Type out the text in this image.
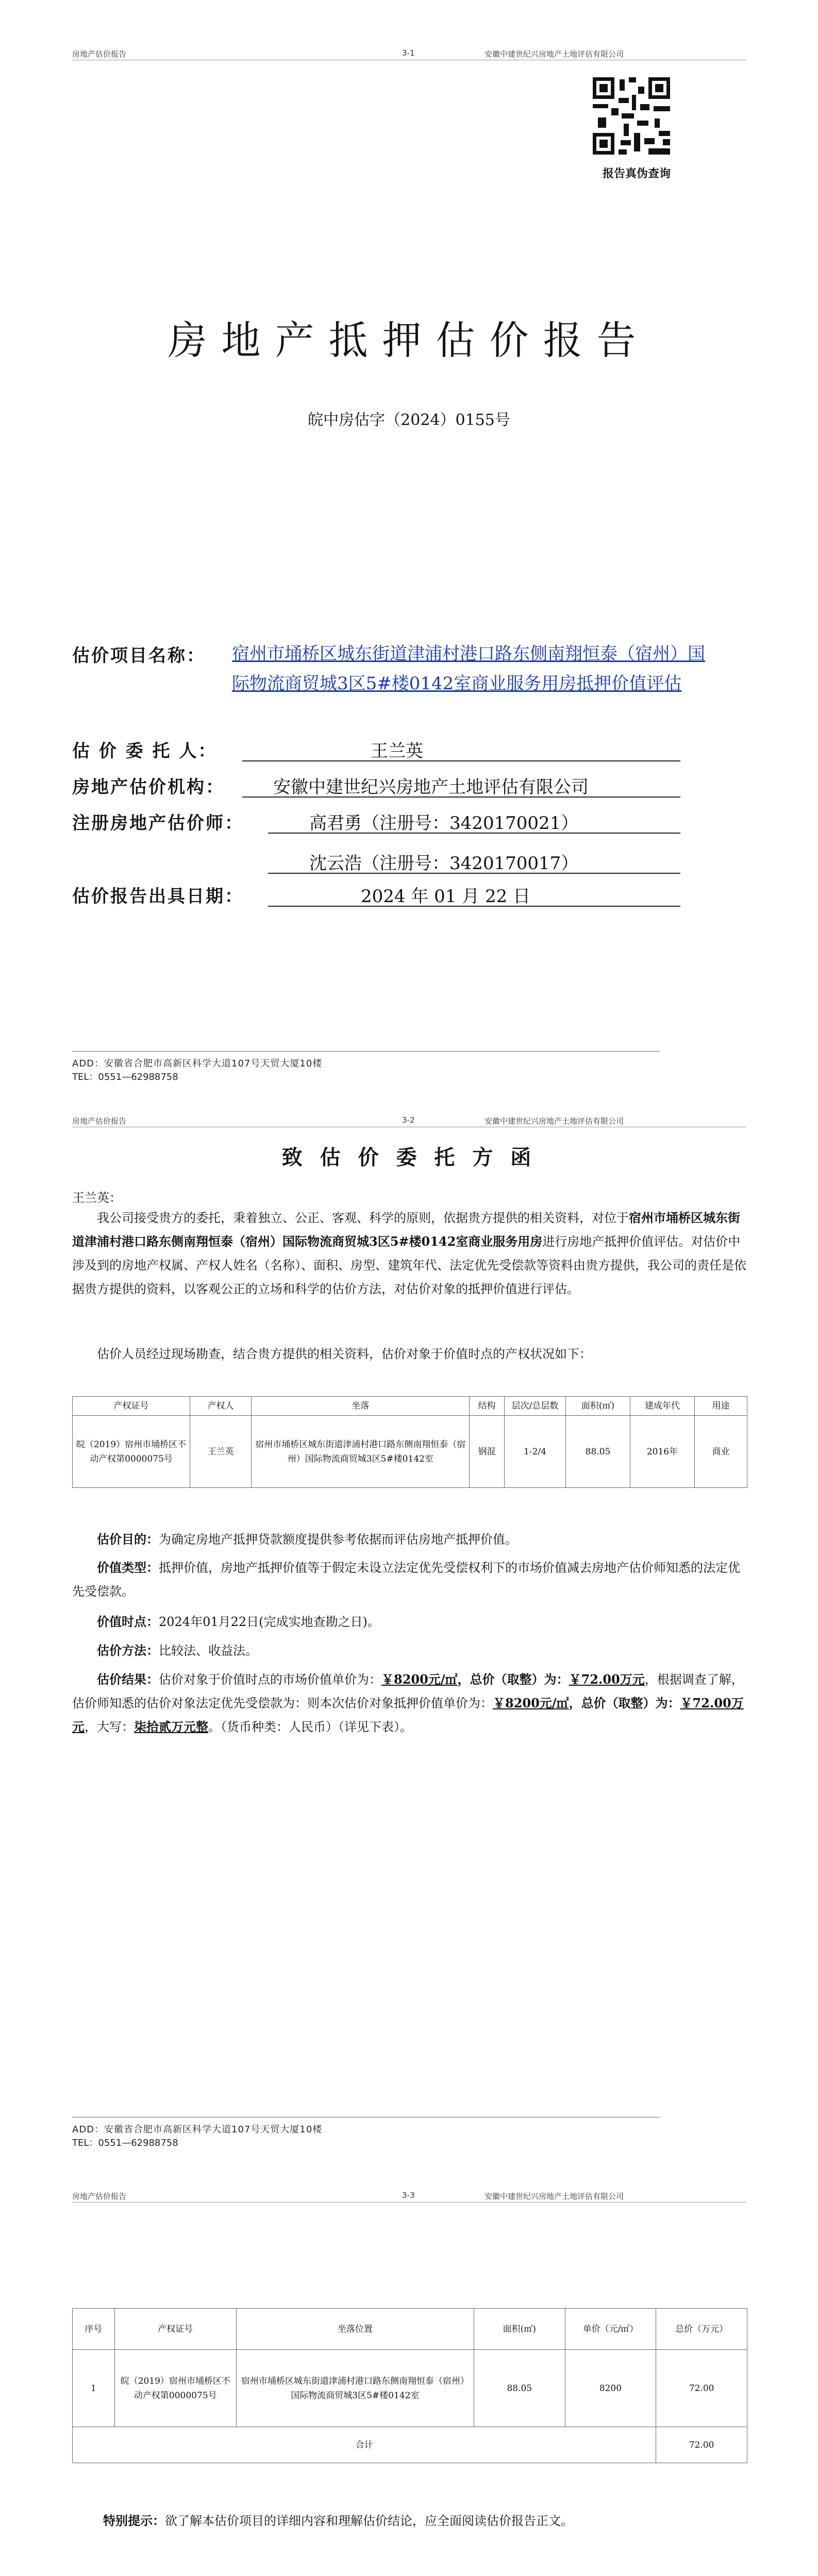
房地产估价报告	3-1	安徽中建世纪兴房地产土地评估有限公司
报告真伪查询
房地产抵押估价报告
皖中房估字（2024）0155号
估价项目名称： 宿州市埇桥区城东街道津浦村港口路东侧南翔恒泰（宿州）国际物流商贸城3区5#楼0142室商业服务用房抵押价值评估
估 价 委 托 人：	王兰英
房地产估价机构：	安徽中建世纪兴房地产土地评估有限公司
注册房地产估价师：	高君勇（注册号：3420170021）
沈云浩（注册号：3420170017）
估价报告出具日期：	2024 年 01 月 22 日
ADD：安徽省合肥市高新区科学大道107号天贸大厦10楼
TEL：0551—62988758
房地产估价报告	3-2	安徽中建世纪兴房地产土地评估有限公司
致 估 价 委 托 方 函
王兰英：
我公司接受贵方的委托，秉着独立、公正、客观、科学的原则，依据贵方提供的相关资料，对位于宿州市埇桥区城东街道津浦村港口路东侧南翔恒泰（宿州）国际物流商贸城3区5#楼0142室商业服务用房进行房地产抵押价值评估。对估价中涉及到的房地产权属、产权人姓名（名称）、面积、房型、建筑年代、法定优先受偿款等资料由贵方提供，我公司的责任是依据贵方提供的资料，以客观公正的立场和科学的估价方法，对估价对象的抵押价值进行评估。
估价人员经过现场勘查，结合贵方提供的相关资料，估价对象于价值时点的产权状况如下：
产权证号	产权人	坐落	结构	层次/总层数	面积(㎡)	建成年代	用途
皖（2019）宿州市埇桥区不动产权第0000075号	王兰英	宿州市埇桥区城东街道津浦村港口路东侧南翔恒泰（宿州）国际物流商贸城3区5#楼0142室	钢混	1-2/4	88.05	2016年	商业
估价目的：为确定房地产抵押贷款额度提供参考依据而评估房地产抵押价值。
价值类型：抵押价值，房地产抵押价值等于假定未设立法定优先受偿权利下的市场价值减去房地产估价师知悉的法定优先受偿款。
价值时点：2024年01月22日(完成实地查勘之日)。
估价方法：比较法、收益法。
估价结果：估价对象于价值时点的市场价值单价为：￥8200元/㎡，总价（取整）为：￥72.00万元，根据调查了解，估价师知悉的估价对象法定优先受偿款为：则本次估价对象抵押价值单价为：￥8200元/㎡，总价（取整）为：￥72.00万元，大写：柒拾贰万元整。（货币种类：人民币）（详见下表）。
ADD：安徽省合肥市高新区科学大道107号天贸大厦10楼
TEL：0551—62988758
房地产估价报告	3-3	安徽中建世纪兴房地产土地评估有限公司
序号	产权证号	坐落位置	面积(㎡)	单价（元/㎡）	总价（万元）
1	皖（2019）宿州市埇桥区不动产权第0000075号	宿州市埇桥区城东街道津浦村港口路东侧南翔恒泰（宿州）国际物流商贸城3区5#楼0142室	88.05	8200	72.00
合计					72.00
特别提示：欲了解本估价项目的详细内容和理解估价结论，应全面阅读估价报告正文。
